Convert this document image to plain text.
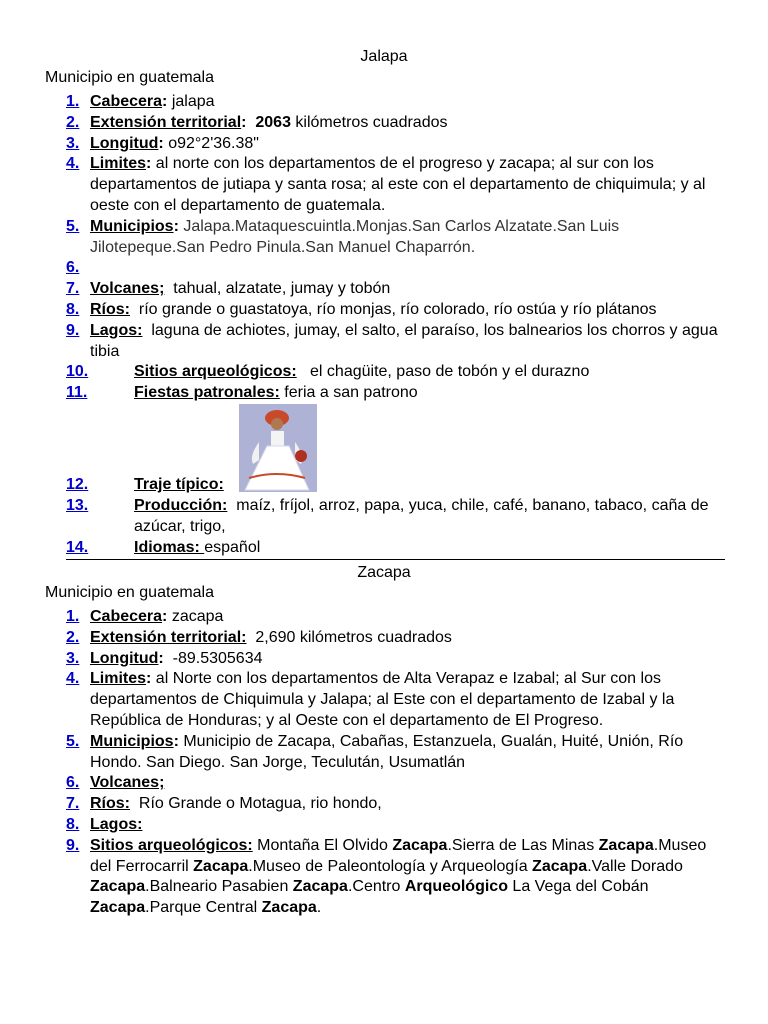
Jalapa
Municipio en guatemala
1. Cabecera: jalapa
2. Extensión territorial:  2063 kilómetros cuadrados
3. Longitud: o92°2'36.38"
4. Limites: al norte con los departamentos de el progreso y zacapa; al sur con los departamentos de jutiapa y santa rosa; al este con el departamento de chiquimula; y al oeste con el departamento de guatemala.
5. Municipios: Jalapa.Mataquescuintla.Monjas.San Carlos Alzatate.San Luis Jilotepeque.San Pedro Pinula.San Manuel Chaparrón.
6.
7. Volcanes;  tahual, alzatate, jumay y tobón
8. Ríos:  río grande o guastatoya, río monjas, río colorado, río ostúa y río plátanos
9. Lagos:  laguna de achiotes, jumay, el salto, el paraíso, los balnearios los chorros y agua tibia
10.	Sitios arqueológicos:   el chagüite, paso de tobón y el durazno
11.	Fiestas patronales: feria a san patrono
12.	Traje típico:
13.	Producción:  maíz, fríjol, arroz, papa, yuca, chile, café, banano, tabaco, caña de azúcar, trigo,
14.	Idiomas: español
Zacapa
Municipio en guatemala
1. Cabecera: zacapa
2. Extensión territorial:  2,690 kilómetros cuadrados
3. Longitud:  -89.5305634
4. Limites: al Norte con los departamentos de Alta Verapaz e Izabal; al Sur con los departamentos de Chiquimula y Jalapa; al Este con el departamento de Izabal y la República de Honduras; y al Oeste con el departamento de El Progreso.
5. Municipios: Municipio de Zacapa, Cabañas, Estanzuela, Gualán, Huité, Unión, Río Hondo. San Diego. San Jorge, Teculután, Usumatlán
6. Volcanes;
7. Ríos:  Río Grande o Motagua, rio hondo,
8. Lagos:
9. Sitios arqueológicos: Montaña El Olvido Zacapa.Sierra de Las Minas Zacapa.Museo del Ferrocarril Zacapa.Museo de Paleontología y Arqueología Zacapa.Valle Dorado Zacapa.Balneario Pasabien Zacapa.Centro Arqueológico La Vega del Cobán Zacapa.Parque Central Zacapa.
